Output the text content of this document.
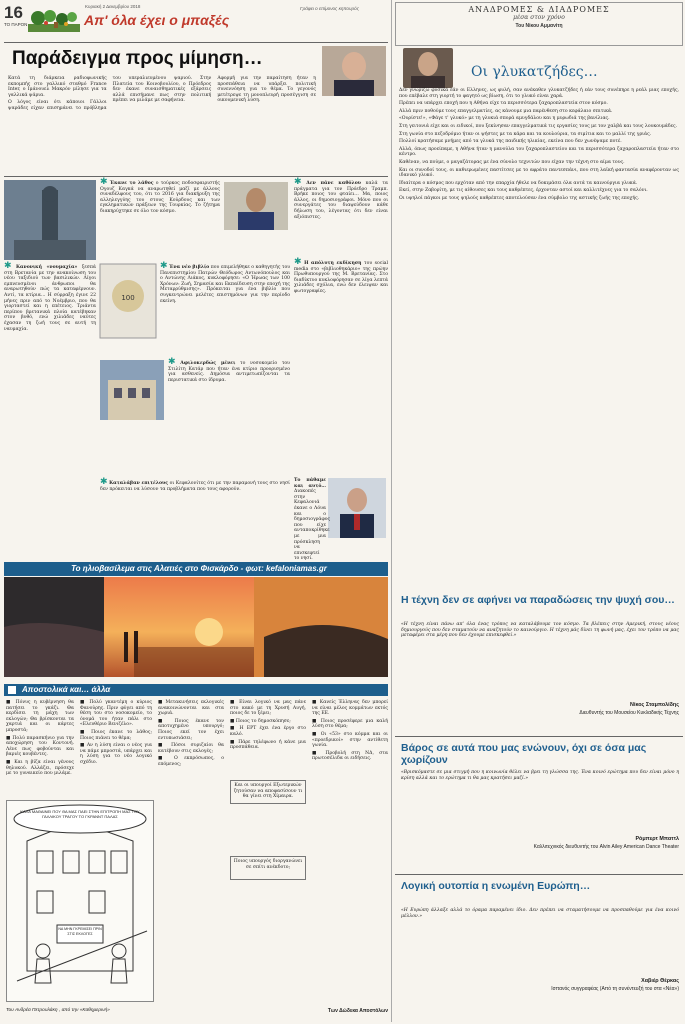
16
ΤΟ ΠΑΡΟΝ
Κυριακή 2 Δεκεμβρίου 2018
Απ' όλα έχει ο μπαξές
Γράφει ο επίμονος κηπουρός	ΑΝΑΔΡΟΜΕΣ & ΔΙΑΔΡΟΜΕΣ
μέσα στον χρόνο
Του Νίκου Αμμανίτη
Οι γλυκατζήδες…

Δεν γνωρίζω φυσικά εάν οι Ελληνες, ως φυλή, σαν ανέκαθεν γλυκατζήδες ή εάν τους συνέπηρε η ρεάλ μιας εποχής, που επέβαλε στη γιορτή το φαγητό ως βίωση, ότι το γλυκό είναι χαρά.

Πρέπει να υπάρχει εποχή που η Αθήνα είχε τα περισσότερα ζαχαροπλαστεία στον κόσμο.

Αλλά πριν ποθούμε τους επαγγελματίες, ας κάνουμε μια παρένθεση στο κεφάλαιο σπιτικά.

«Ουρίστε!», «Φάγε τ' γλυκό» με τη γλυκιά σπορά αμυγδάλου και η μυρωδιά της βανίλιας.

Στη γειτονιά είχε και οι ειδικοί, που ξεκίνησαν επαγγελματικά τις εργασίες τους με τον χαλβά και τους λουκουμάδες.

Στη γωνία στο πεζοδρόμιο ήταν οι ψήστες με τα κάρα και τα κουλούρια, τα σιμίτια και το μαλλί της γριάς.

Πολλοί κρατήσαμε μνήμες από τα γλυκά της παιδικής ηλικίας, εκείνα που δεν χωνέψαμε ποτέ.

Αλλά, όπως προείπαμε, η Αθήνα ήταν η μανούλα του ζαχαροπλαστείου και τα περισσότερα ζαχαροπλαστεία ήταν στο κέντρο.

Καθέναν, να πούμε, ο μαγαζάτορας με ένα σύνολο τεχνιτών που είχαν την τέχνη στο αίμα τους.

Και οι συνοδοί τους, οι καθιερωμένες παστίτσες με το αφράτο παντεσπάνι, που στη λαϊκή φαντασία αναφέρονταν ως ιδανικό γλυκό.

Ιδιαίτερα ο κόσμος που ερχόταν από την επαρχία ήθελε να δοκιμάσει όλα αυτά τα καινούργια γλυκά.

Εκεί, στην Ζαβορίτη, με τις αίθουσες και τους καθρέπτες, έρχονταν αστοί και καλλιτέχνες για το σαλόνι.

Οι υψηλοί πάγκοι με τους ψηλούς καθρέπτες αποτελούσαν ένα σύμβολο της αστικής ζωής της εποχής.

Παράδειγμα προς μίμηση…

Κατά τη διάρκεια ραδιοφωνικής εκπομπής στο γαλλικό σταθμό France Inter, ο Ιμάνουελ Μακρόν μίλησε για τα γαλλικά ψάρια.

Ο λόγος είναι ότι κάποιοι Γάλλοι ψαράδες είχαν επισημάνει το πρόβλημα του υπεραλιευμένου ψαριού. Στην Πλατεία του Κοινοβουλίου, ο Πρόεδρος δεν έκανε συναισθηματικές εξάρσεις αλλά επισήμανε πως στην πολιτική πρέπει να μιλάμε με σαφήνεια.

Αφορμή για την παραίτηση ήταν η προσπάθεια να υπάρξει πολιτική συνεννόηση για το θέμα. Το γεγονός μετέτρεψε τη μονοπλευρή προσέγγιση σε οικουμενική λύση.

✱ Κανονική «νουμαχία» ξεσπά στη Βρετανία με την ανακοίνωση του νέου ταξιδιού των βασιλικών. Λίγοι εμπνευσμένοι άνθρωποι θα αναρωτηθούν πώς τα καταφέρνουν. Αντί, τα κτίρια… Η σύρραξη έγινε 22 μήνες πριν από το Νοέμβριο, που θα γιορταστεί και η επέτειος. Τριάντα περίπου βρετανικά πλοία κατέβηκαν στον βυθό, ενώ χιλιάδες ναύτες έχασαν τη ζωή τους σε αυτή τη ναυμαχία.
✱ Έκανε το λάθος ο τούρκος ποδοσφαιριστής Ογουζ Καγκά να αναρωτηθεί μαζί με άλλους συναδέλφους του, ότι το 2016 για διακήρυξη της αλληλεγγύης του στους Κούρδους και των εγκληματικών πράξεων της Τουρκίας. Το ζήτημα διακηρύχτηκε σε όλο τον κόσμο.
100
✱ Ένα νέο βιβλίο που επιμελήθηκε ο καθηγητής του Πανεπιστημίου Πατρών Θεόδωρος Αντωνόπουλος και ο Αντώνης Λιάκος, κυκλοφόρησε: «Ο Ήρωας των 100 Χρόνων: Ζωή, Σημασία και Εκπαίδευση στην εποχή της Μεταρρύθμισης». Πρόκειται για ένα βιβλίο που συγκεντρώνει μελέτες επιστημόνων για την περίοδο εκείνη.
✱ Αφιλοκερδώς μένει το νοσοκομείο του Στιλίτη Κατάρ που ήταν ένα κτίριο προορισμένο για ασθενείς. Δημόσια αντιμετωπίζονται τα περιστατικά στο ίδρυμα.
✱ Καταλάβαν επιτέλους οι Κεφαλονίτες ότι με την παραμονή τους στο νησί δεν πρόκειται να λύσουν τα προβλήματα που τους αφορούν.
✱ Δεν πάνε καθόλου καλά τα πράγματα για τον Πρόεδρο Τραμπ. Βρήκε ποιος του φταίει… Μα, ποιος άλλος, οι δημοσιογράφοι. Μόνο που οι συνεργάτες του διαψεύδουν κάθε δήλωση του, λέγοντας ότι δεν είναι αξιόπιστες.
✱ Η απόλυτη εκδίκηση του social media στο «βιβλιοθηκάριο» της πρώην Πρωθυπουργού της Μ. Βρετανίας. Στο διαδίκτυο κυκλοφόρησαν σε λίγα λεπτά χιλιάδες σχόλια, ενώ δεν έλειψαν και φωτογραφίες.
Το πάθαμε και αυτό… Διακοπές στην Κεφαλονιά έκανε ο Λόυα και ο δημοσιογράφος που είχε ανταποκρίθηκε με μια πρόσκληση να επισκεφτεί το νησί.
Το ηλιοβασίλεμα στις Αλατιές στο Φισκάρδο - φωτ: kefaloniamas.gr
Η τέχνη δεν σε αφήνει να παραδώσεις την ψυχή σου…
«Η τέχνη είναι πάνω απ' όλα ένας τρόπος να καταλάβουμε τον κόσμο. Τα βλέπεις στην Αμερική, στους νέους δημιουργούς που δεν σταματούν να αναζητούν το καινούργιο. Η τέχνη μάς δίνει τη φωνή μας, έχει τον τρόπο να μας μεταφέρει στα μέρη που δεν έχουμε επισκεφθεί.»
Νίκος Σταμπολίδης
Διευθυντής του Μουσείου Κυκλαδικής Τέχνης
Βάρος σε αυτά που μας ενώνουν, όχι σε όσα μας χωρίζουν
«Βρισκόμαστε σε μια στιγμή που η κοινωνία θέλει να βρει τη γλώσσα της. Ένα κοινό ερώτημα που δεν είναι μόνο η κρίση αλλά και το ερώτημα τι θα μας κρατήσει μαζί.»
Ρόμπερτ Μπαττλ
Καλλιτεχνικός διευθυντής του Alvin Ailey American Dance Theater
Λογική ουτοπία η ενωμένη Ευρώπη…
«Η Ευρώπη άλλαξε αλλά το όραμα παραμένει ίδιο. Δεν πρέπει να σταματήσουμε να προσπαθούμε για ένα κοινό μέλλον.»
Χαβιέρ Θέρκας
Ισπανός συγγραφέας (Από τη συνέντευξή του στα «Νέα»)
Αποστολικά και… άλλα

■ Πόνυς η κυβέρνηση θα πατήσει το γκάζι. Θα κερδίσει τη μάχη των εκλογών; Θα βρίσκονται τα χαρτιά και οι κάρτες μπροστά;

■ Πολύ παρασκήνιο για την αποχώρηση του Κοντονή. Λένε πως φοβούνται και βαριές κουβέντες.

■ Και η βίζα είναι γένους θηλυκού. Αλλάζει, πρόσεχε με το γυναικείο που μιλάμε.

■ Πολύ γκαντέμη ο κύριος Φανούρης. Πριν φύγει από τη θέση του στο νοσοκομείο, το όνομά του ήταν πάλι στο «Ελευθέριο Βενιζέλο».

■ Ποιος έκανε το λάθος; Ποιος πιάνει το θέμα;

■ Αν η λύση είναι ο νέος για να πάμε μπροστά, υπάρχει και η λύση για το νέο λογικό σχέδιο.

■ Μετακινήσεις εκλογικές ανακοινώνονται και στα χωριά.

■ Ποιος έκανε τον αποτυχημένο υπουργό; Ποιος εκεί τον έχει εντυπωσιάσει;

■ Πόσοι συριζαίοι θα κατέβουν στις εκλογές;

■ Ο εκπρόσωπος, ο επόμενος;

■ Είναι λογικό να μας πάνε στο κακό με τη Χρυσή Αυγή, ποιος δε το ξέρει;

■ Ποιος το δημοσκόπησε;

■ Η ΕΡΤ έχει ένα έργο στο καλό.

■ Πάρε τηλέφωνο ή κάνε μια προσπάθεια.

Και οι υπουργοί Εξωτερικών ζητούσαν να αποφασίσουν τι θα γίνει στη Χίμαιρα.
Ποιος υπουργός διοργανώνει σε σπίτι ανέκδοτο;

■ Κανείς Έλληνας δεν μπορεί να είναι μέλος κομμάτων εκτός της ΕΕ.

■ Ποιος προσέφερε μια καλή λύση στο θέμα;

■ Οι «53» στο κόμμα και οι «προεδρικοί» στην αντίθετη γωνία.

■ Προβολή στη ΝΔ, στα πρωτοσέλιδα οι ειδήσεις.

Των Δώδεκα Αποστόλων
ΚΑΛΑ ΜΑΘΑΙΝΕΙ ΠΟΥ ΘΑ ΜΑΣ ΠΑΕΙ ΣΤΗΝ ΕΠΙΤΡΟΠΗ ΜΑΣ ΤΟΥ ΓΑΛΛΙΚΟΥ ΤΡΑΓΟΥ ΤΟ ΓΚΡΑΝΝΤ ΠΑΛΑΣ
ΝΑ ΜΗΝ ΓΚΡΕΜΙΣΕΙ ΠΡΙΝ ΣΤΙΣ ΕΚΛΟΓΕΣ
Του Ανδρέα Πετρουλάκη , από την «Καθημερινή»
